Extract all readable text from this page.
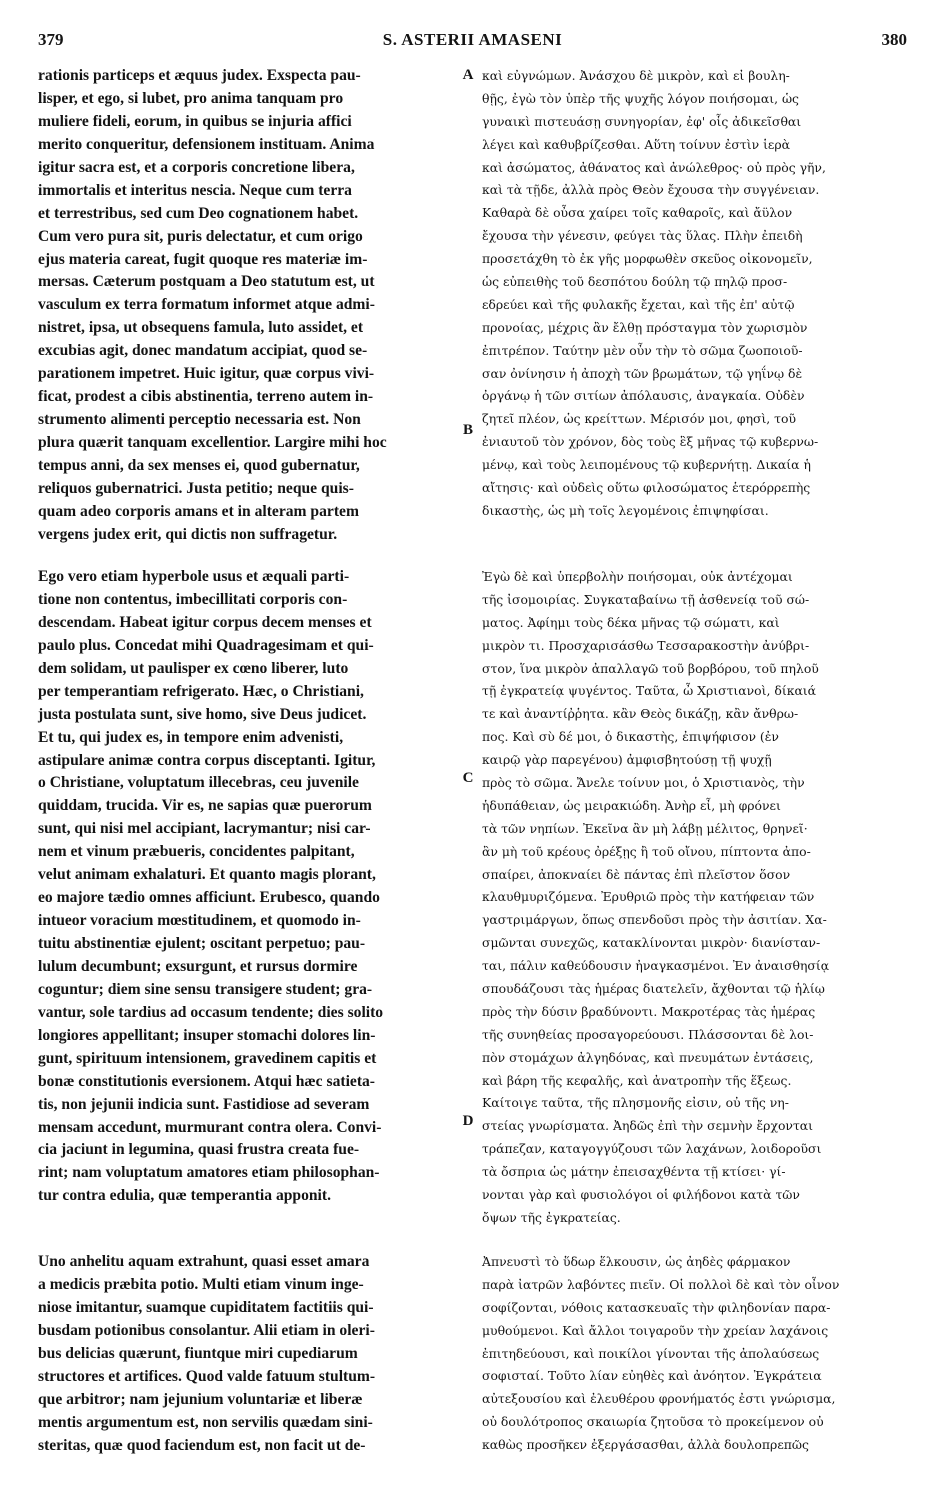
379	S. ASTERII AMASENI	380
rationis particeps et æquus judex. Exspecta pau-
lisper, et ego, si lubet, pro anima tanquam pro
muliere fideli, eorum, in quibus se injuria affici
merito conqueritur, defensionem instituam. Anima
igitur sacra est, et a corporis concretione libera,
immortalis et interitus nescia. Neque cum terra
et terrestribus, sed cum Deo cognationem habet.
Cum vero pura sit, puris delectatur, et cum origo
ejus materia careat, fugit quoque res materiæ im-
mersas. Cæterum postquam a Deo statutum est, ut
vasculum ex terra formatum informet atque admi-
nistret, ipsa, ut obsequens famula, luto assidet, et
excubias agit, donec mandatum accipiat, quod se-
parationem impetret. Huic igitur, quæ corpus vivi-
ficat, prodest a cibis abstinentia, terreno autem in-
strumento alimenti perceptio necessaria est. Non
plura quærit tanquam excellentior. Largire mihi hoc
tempus anni, da sex menses ei, quod gubernatur,
reliquos gubernatrici. Justa petitio; neque quis-
quam adeo corporis amans et in alteram partem
vergens judex erit, qui dictis non suffragetur.
Ego vero etiam hyperbole usus et æquali parti-
tione non contentus, imbecillitati corporis con-
descendam. Habeat igitur corpus decem menses et
paulo plus. Concedat mihi Quadragesimam et qui-
dem solidam, ut paulisper ex cœno liberer, luto
per temperantiam refrigerato. Hæc, o Christiani,
justa postulata sunt, sive homo, sive Deus judicet.
Et tu, qui judex es, in tempore enim advenisti,
astipulare animæ contra corpus disceptanti. Igitur,
o Christiane, voluptatum illecebras, ceu juvenile
quiddam, trucida. Vir es, ne sapias quæ puerorum
sunt, qui nisi mel accipiant, lacrymantur; nisi car-
nem et vinum præbueris, concidentes palpitant,
velut animam exhalaturi. Et quanto magis plorant,
eo majore tædio omnes afficiunt. Erubesco, quando
intueor voracium mœstitudinem, et quomodo in-
tuitu abstinentiæ ejulent; oscitant perpetuo; pau-
lulum decumbunt; exsurgunt, et rursus dormire
coguntur; diem sine sensu transigere student; gra-
vantur, sole tardius ad occasum tendente; dies solito
longiores appellitant; insuper stomachi dolores lin-
gunt, spirituum intensionem, gravedinem capitis et
bonæ constitutionis eversionem. Atqui hæc satieta-
tis, non jejunii indicia sunt. Fastidiose ad severam
mensam accedunt, murmurant contra olera. Convi-
cia jaciunt in legumina, quasi frustra creata fue-
rint; nam voluptatum amatores etiam philosophan-
tur contra edulia, quæ temperantia apponit.
Uno anhelitu aquam extrahunt, quasi esset amara
a medicis præbita potio. Multi etiam vinum inge-
niose imitantur, suamque cupiditatem factitiis qui-
busdam potionibus consolantur. Alii etiam in oleri-
bus delicias quærunt, fiuntque miri cupediarum
structores et artifices. Quod valde fatuum stultum-
que arbitror; nam jejunium voluntariæ et liberæ
mentis argumentum est, non servilis quædam sini-
steritas, quæ quod faciendum est, non facit ut de-
καὶ εὐγνώμων. Ἀνάσχου δὲ μικρὸν, καὶ εἰ βουλη-
θῇς, ἐγὼ τὸν ὑπὲρ τῆς ψυχῆς λόγον ποιήσομαι, ὡς
γυναικὶ πιστευάσῃ συνηγορίαν, ἐφ' οἷς ἀδικεῖσθαι
λέγει καὶ καθυβρίζεσθαι. Αὕτη τοίνυν ἐστὶν ἱερὰ
καὶ ἀσώματος, ἀθάνατος καὶ ἀνώλεθρος· οὐ πρὸς γῆν,
καὶ τὰ τῇδε, ἀλλὰ πρὸς Θεὸν ἔχουσα τὴν συγγένειαν.
Καθαρὰ δὲ οὖσα χαίρει τοῖς καθαροῖς, καὶ ἄϋλον
ἔχουσα τὴν γένεσιν, φεύγει τὰς ὕλας. Πλὴν ἐπειδὴ
προσετάχθη τὸ ἐκ γῆς μορφωθὲν σκεῦος οἰκονομεῖν,
ὡς εὐπειθὴς τοῦ δεσπότου δούλη τῷ πηλῷ προσ-
εδρεύει καὶ τῆς φυλακῆς ἔχεται, καὶ τῆς ἐπ' αὐτῷ
προνοίας, μέχρις ἂν ἔλθῃ πρόσταγμα τὸν χωρισμὸν
ἐπιτρέπον. Ταύτην μὲν οὖν τὴν τὸ σῶμα ζωοποιοῦ-
σαν ὀνίνησιν ἡ ἀποχὴ τῶν βρωμάτων, τῷ γηΐνῳ δὲ
ὀργάνῳ ἡ τῶν σιτίων ἀπόλαυσις, ἀναγκαία. Οὐδὲν
ζητεῖ πλέον, ὡς κρείττων. Μέρισόν μοι, φησὶ, τοῦ
ἐνιαυτοῦ τὸν χρόνον, δὸς τοὺς ἓξ μῆνας τῷ κυβερνω-
μένῳ, καὶ τοὺς λειπομένους τῷ κυβερνήτῃ. Δικαία ἡ
αἴτησις· καὶ οὐδεὶς οὕτω φιλοσώματος ἑτερόρρεπὴς
δικαστὴς, ὡς μὴ τοῖς λεγομένοις ἐπιψηφίσαι.
Ἐγὼ δὲ καὶ ὑπερβολὴν ποιήσομαι, οὐκ ἀντέχομαι
τῆς ἰσομοιρίας. Συγκαταβαίνω τῇ ἀσθενείᾳ τοῦ σώ-
ματος. Ἀφίημι τοὺς δέκα μῆνας τῷ σώματι, καὶ
μικρὸν τι. Προσχαρισάσθω Τεσσαρακοστὴν ἀνύβρι-
στον, ἵνα μικρὸν ἀπαλλαγῶ τοῦ βορβόρου, τοῦ πηλοῦ
τῇ ἐγκρατείᾳ ψυγέντος. Ταῦτα, ὦ Χριστιανοὶ, δίκαιά
τε καὶ ἀναντίῤῥητα. κἂν Θεὸς δικάζῃ, κἂν ἄνθρω-
πος. Καὶ σὺ δέ μοι, ὁ δικαστὴς, ἐπιψήφισον (ἐν
καιρῷ γὰρ παρεγένου) ἀμφισβητούσῃ τῇ ψυχῇ
πρὸς τὸ σῶμα. Ἄνελε τοίνυν μοι, ὁ Χριστιανὸς, τὴν
ἡδυπάθειαν, ὡς μειρακιώδη. Ἀνὴρ εἶ, μὴ φρόνει
τὰ τῶν νηπίων. Ἐκεῖνα ἂν μὴ λάβῃ μέλιτος, θρηνεῖ·
ἂν μὴ τοῦ κρέους ὀρέξῃς ἢ τοῦ οἴνου, πίπτοντα ἀπο-
σπαίρει, ἀποκναίει δὲ πάντας ἐπὶ πλεῖστον ὅσον
κλαυθμυριζόμενα. Ἐρυθριῶ πρὸς τὴν κατήφειαν τῶν
γαστριμάργων, ὅπως σπενδοῦσι πρὸς τὴν ἀσιτίαν. Χα-
σμῶνται συνεχῶς, κατακλίνονται μικρὸν· διανίσταν-
ται, πάλιν καθεύδουσιν ἠναγκασμένοι. Ἐν ἀναισθησίᾳ
σπουδάζουσι τὰς ἡμέρας διατελεῖν, ἄχθονται τῷ ἡλίῳ
πρὸς τὴν δύσιν βραδύνοντι. Μακροτέρας τὰς ἡμέρας
τῆς συνηθείας προσαγορεύουσι. Πλάσσονται δὲ λοι-
πὸν στομάχων ἀλγηδόνας, καὶ πνευμάτων ἐντάσεις,
καὶ βάρη τῆς κεφαλῆς, καὶ ἀνατροπὴν τῆς ἕξεως.
Καίτοιγε ταῦτα, τῆς πλησμονῆς εἰσιν, οὐ τῆς νη-
στείας γνωρίσματα. Ἀηδῶς ἐπὶ τὴν σεμνὴν ἔρχονται
τράπεζαν, καταγογγύζουσι τῶν λαχάνων, λοιδοροῦσι
τὰ ὄσπρια ὡς μάτην ἐπεισαχθέντα τῇ κτίσει· γί-
νονται γὰρ καὶ φυσιολόγοι οἱ φιλήδονοι κατὰ τῶν
ὄψων τῆς ἐγκρατείας.
Ἀπνευστὶ τὸ ὕδωρ ἕλκουσιν, ὡς ἀηδὲς φάρμακον
παρὰ ἰατρῶν λαβόντες πιεῖν. Οἱ πολλοὶ δὲ καὶ τὸν οἶνον
σοφίζονται, νόθοις κατασκευαῖς τὴν φιληδονίαν παρα-
μυθούμενοι. Καὶ ἄλλοι τοιγαροῦν τὴν χρείαν λαχάνοις
ἐπιτηδεύουσι, καὶ ποικίλοι γίνονται τῆς ἀπολαύσεως
σοφισταί. Τοῦτο λίαν εὐηθὲς καὶ ἀνόητον. Ἐγκράτεια
αὐτεξουσίου καὶ ἐλευθέρου φρονήματός ἐστι γνώρισμα,
οὐ δουλότροπος σκαιωρία ζητοῦσα τὸ προκείμενον οὐ
καθὼς προσῆκεν ἐξεργάσασθαι, ἀλλὰ δουλοπρεπῶς
A
B
C
D
